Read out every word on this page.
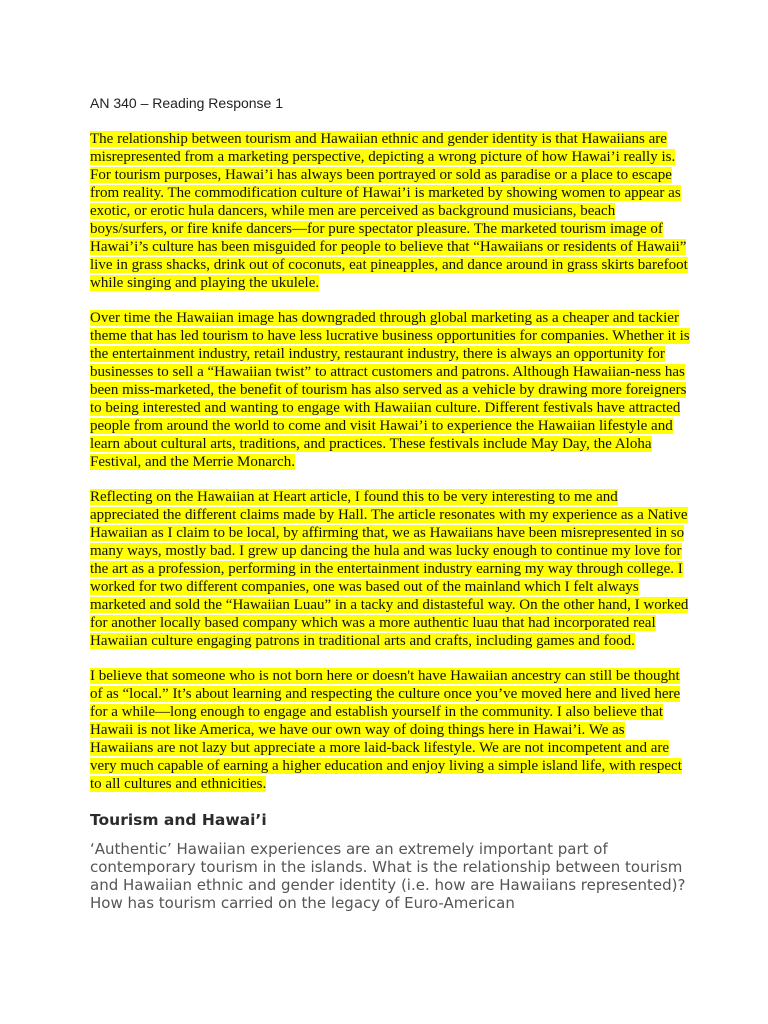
AN 340 – Reading Response 1

The relationship between tourism and Hawaiian ethnic and gender identity is that Hawaiians are misrepresented from a marketing perspective, depicting a wrong picture of how Hawai’i really is. For tourism purposes, Hawai’i has always been portrayed or sold as paradise or a place to escape from reality. The commodification culture of Hawai’i is marketed by showing women to appear as exotic, or erotic hula dancers, while men are perceived as background musicians, beach boys/surfers, or fire knife dancers—for pure spectator pleasure. The marketed tourism image of Hawai’i’s culture has been misguided for people to believe that “Hawaiians or residents of Hawaii” live in grass shacks, drink out of coconuts, eat pineapples, and dance around in grass skirts barefoot while singing and playing the ukulele.

Over time the Hawaiian image has downgraded through global marketing as a cheaper and tackier theme that has led tourism to have less lucrative business opportunities for companies. Whether it is the entertainment industry, retail industry, restaurant industry, there is always an opportunity for businesses to sell a “Hawaiian twist” to attract customers and patrons. Although Hawaiian-ness has been miss-marketed, the benefit of tourism has also served as a vehicle by drawing more foreigners to being interested and wanting to engage with Hawaiian culture. Different festivals have attracted people from around the world to come and visit Hawai’i to experience the Hawaiian lifestyle and learn about cultural arts, traditions, and practices. These festivals include May Day, the Aloha Festival, and the Merrie Monarch.

Reflecting on the Hawaiian at Heart article, I found this to be very interesting to me and appreciated the different claims made by Hall. The article resonates with my experience as a Native Hawaiian as I claim to be local, by affirming that, we as Hawaiians have been misrepresented in so many ways, mostly bad. I grew up dancing the hula and was lucky enough to continue my love for the art as a profession, performing in the entertainment industry earning my way through college. I worked for two different companies, one was based out of the mainland which I felt always marketed and sold the “Hawaiian Luau” in a tacky and distasteful way. On the other hand, I worked for another locally based company which was a more authentic luau that had incorporated real Hawaiian culture engaging patrons in traditional arts and crafts, including games and food.

I believe that someone who is not born here or doesn't have Hawaiian ancestry can still be thought of as “local.” It’s about learning and respecting the culture once you’ve moved here and lived here for a while—long enough to engage and establish yourself in the community. I also believe that Hawaii is not like America, we have our own way of doing things here in Hawai’i. We as Hawaiians are not lazy but appreciate a more laid-back lifestyle. We are not incompetent and are very much capable of earning a higher education and enjoy living a simple island life, with respect to all cultures and ethnicities.

Tourism and Hawai’i

‘Authentic’ Hawaiian experiences are an extremely important part of contemporary tourism in the islands. What is the relationship between tourism and Hawaiian ethnic and gender identity (i.e. how are Hawaiians represented)? How has tourism carried on the legacy of Euro-American
